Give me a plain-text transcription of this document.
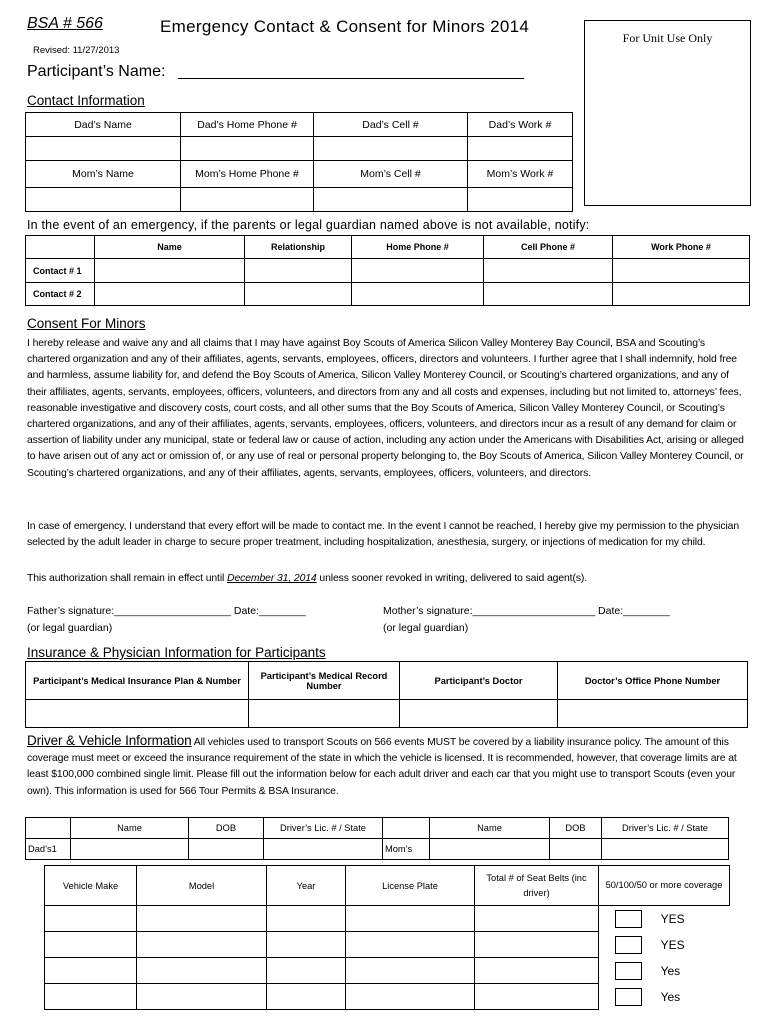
BSA # 566	Emergency Contact & Consent for Minors 2014
Revised: 11/27/2013
For Unit Use Only
Participant’s Name:
Contact Information
Dad’s Name	Dad’s Home Phone #	Dad’s Cell #	Dad’s Work #

Mom’s Name	Mom’s Home Phone #	Mom’s Cell #	Mom’s Work #

In the event of an emergency, if the parents or legal guardian named above is not available, notify:
	Name	Relationship	Home Phone #	Cell Phone #	Work Phone #
Contact # 1					
Contact # 2					
Consent For Minors
I hereby release and waive any and all claims that I may have against Boy Scouts of America Silicon Valley Monterey Bay Council, BSA and Scouting’s chartered organization and any of their affiliates, agents, servants, employees, officers, directors and volunteers. I further agree that I shall indemnify, hold free and harmless, assume liability for, and defend the Boy Scouts of America, Silicon Valley Monterey Council, or Scouting’s chartered organizations, and any of their affiliates, agents, servants, employees, officers, volunteers, and directors from any and all costs and expenses, including but not limited to, attorneys’ fees, reasonable investigative and discovery costs, court costs, and all other sums that the Boy Scouts of America, Silicon Valley Monterey Council, or Scouting’s chartered organizations, and any of their affiliates, agents, servants, employees, officers, volunteers, and directors incur as a result of any demand for claim or assertion of liability under any municipal, state or federal law or cause of action, including any action under the Americans with Disabilities Act, arising or alleged to have arisen out of any act or omission of, or any use of real or personal property belonging to, the Boy Scouts of America, Silicon Valley Monterey Council, or Scouting’s chartered organizations, and any of their affiliates, agents, servants, employees, officers, volunteers, and directors.
In case of emergency, I understand that every effort will be made to contact me. In the event I cannot be reached, I hereby give my permission to the physician selected by the adult leader in charge to secure proper treatment, including hospitalization, anesthesia, surgery, or injections of medication for my child.
This authorization shall remain in effect until December 31, 2014 unless sooner revoked in writing, delivered to said agent(s).
Father’s signature:____________________ Date:________
(or legal guardian)
Mother’s signature:_____________________ Date:________
(or legal guardian)
Insurance & Physician Information for Participants
Participant’s Medical Insurance Plan & Number	Participant’s Medical Record Number	Participant’s Doctor	Doctor’s Office Phone Number

Driver & Vehicle Information All vehicles used to transport Scouts on 566 events MUST be covered by a liability insurance policy. The amount of this coverage must meet or exceed the insurance requirement of the state in which the vehicle is licensed. It is recommended, however, that coverage limits are at least $100,000 combined single limit. Please fill out the information below for each adult driver and each car that you might use to transport Scouts (even your own). This information is used for 566 Tour Permits & BSA Insurance.
	Name	DOB	Driver’s Lic. # / State		Name	DOB	Driver’s Lic. # / State
Dad’s1				Mom’s			
Vehicle Make	Model	Year	License Plate	Total # of Seat Belts (inc driver)	50/100/50 or more coverage
					YES
					YES
					Yes
					Yes
